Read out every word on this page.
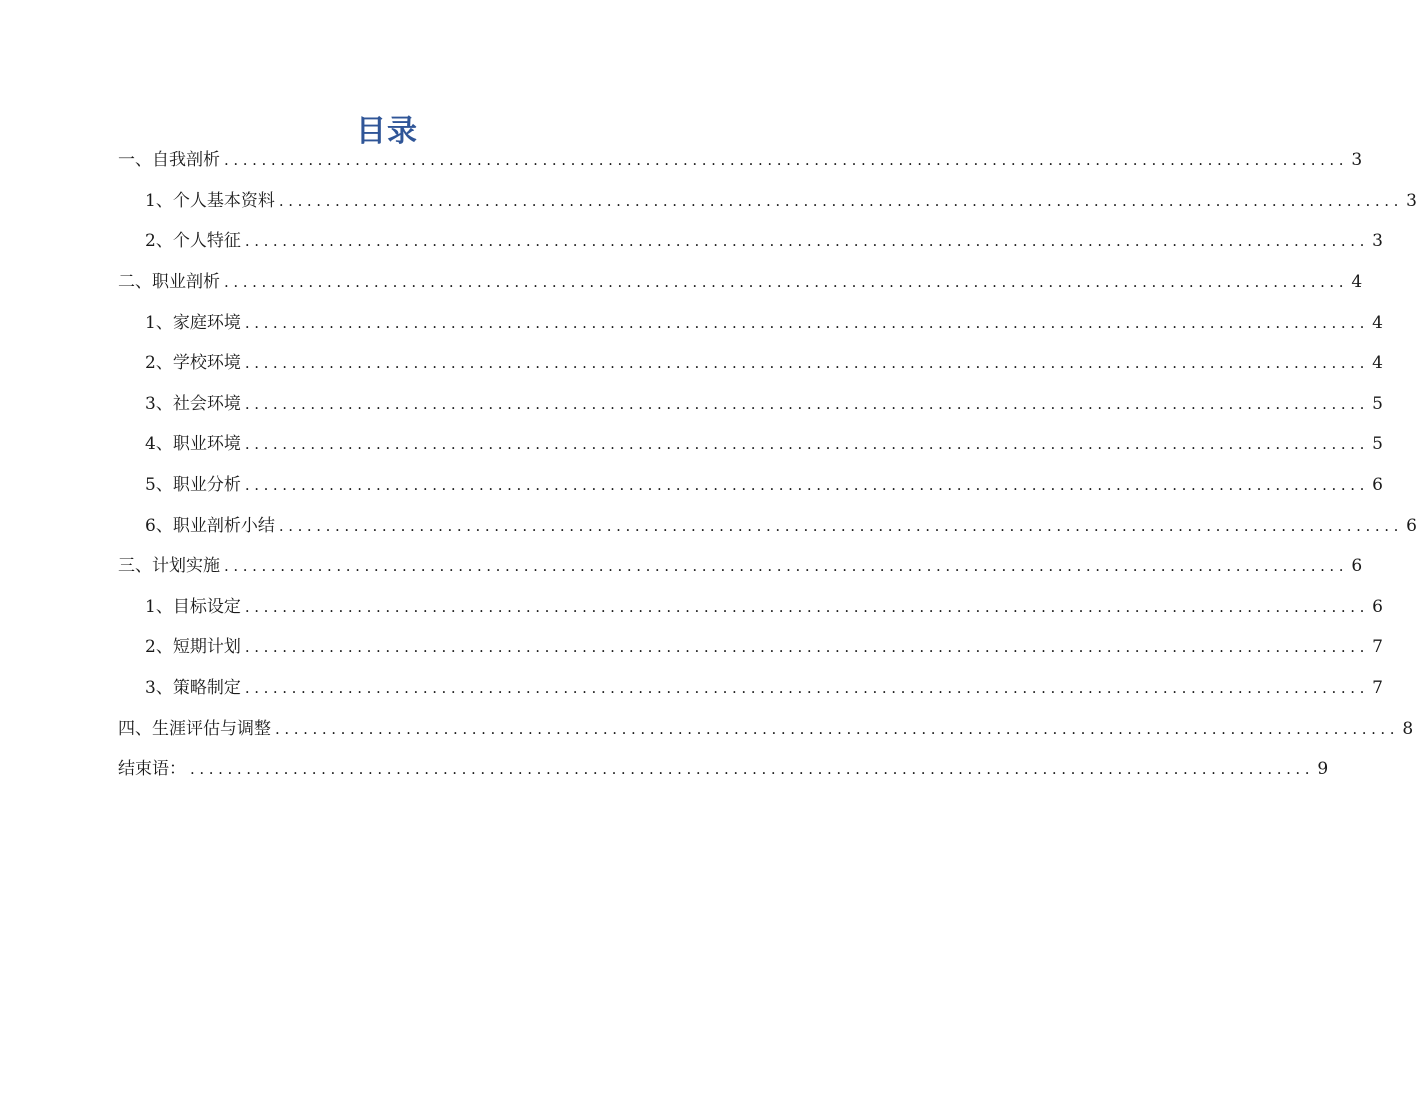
目录
一、自我剖析 ........................................................................................................................ 3
1、个人基本资料 ........................................................................................................................ 3
2、个人特征 ........................................................................................................................ 3
二、职业剖析 ........................................................................................................................ 4
1、家庭环境 ........................................................................................................................ 4
2、学校环境 ........................................................................................................................ 4
3、社会环境 ........................................................................................................................ 5
4、职业环境 ........................................................................................................................ 5
5、职业分析 ........................................................................................................................ 6
6、职业剖析小结 ........................................................................................................................ 6
三、计划实施 ........................................................................................................................ 6
1、目标设定 ........................................................................................................................ 6
2、短期计划 ........................................................................................................................ 7
3、策略制定 ........................................................................................................................ 7
四、生涯评估与调整 ........................................................................................................................ 8
结束语： ........................................................................................................................ 9
